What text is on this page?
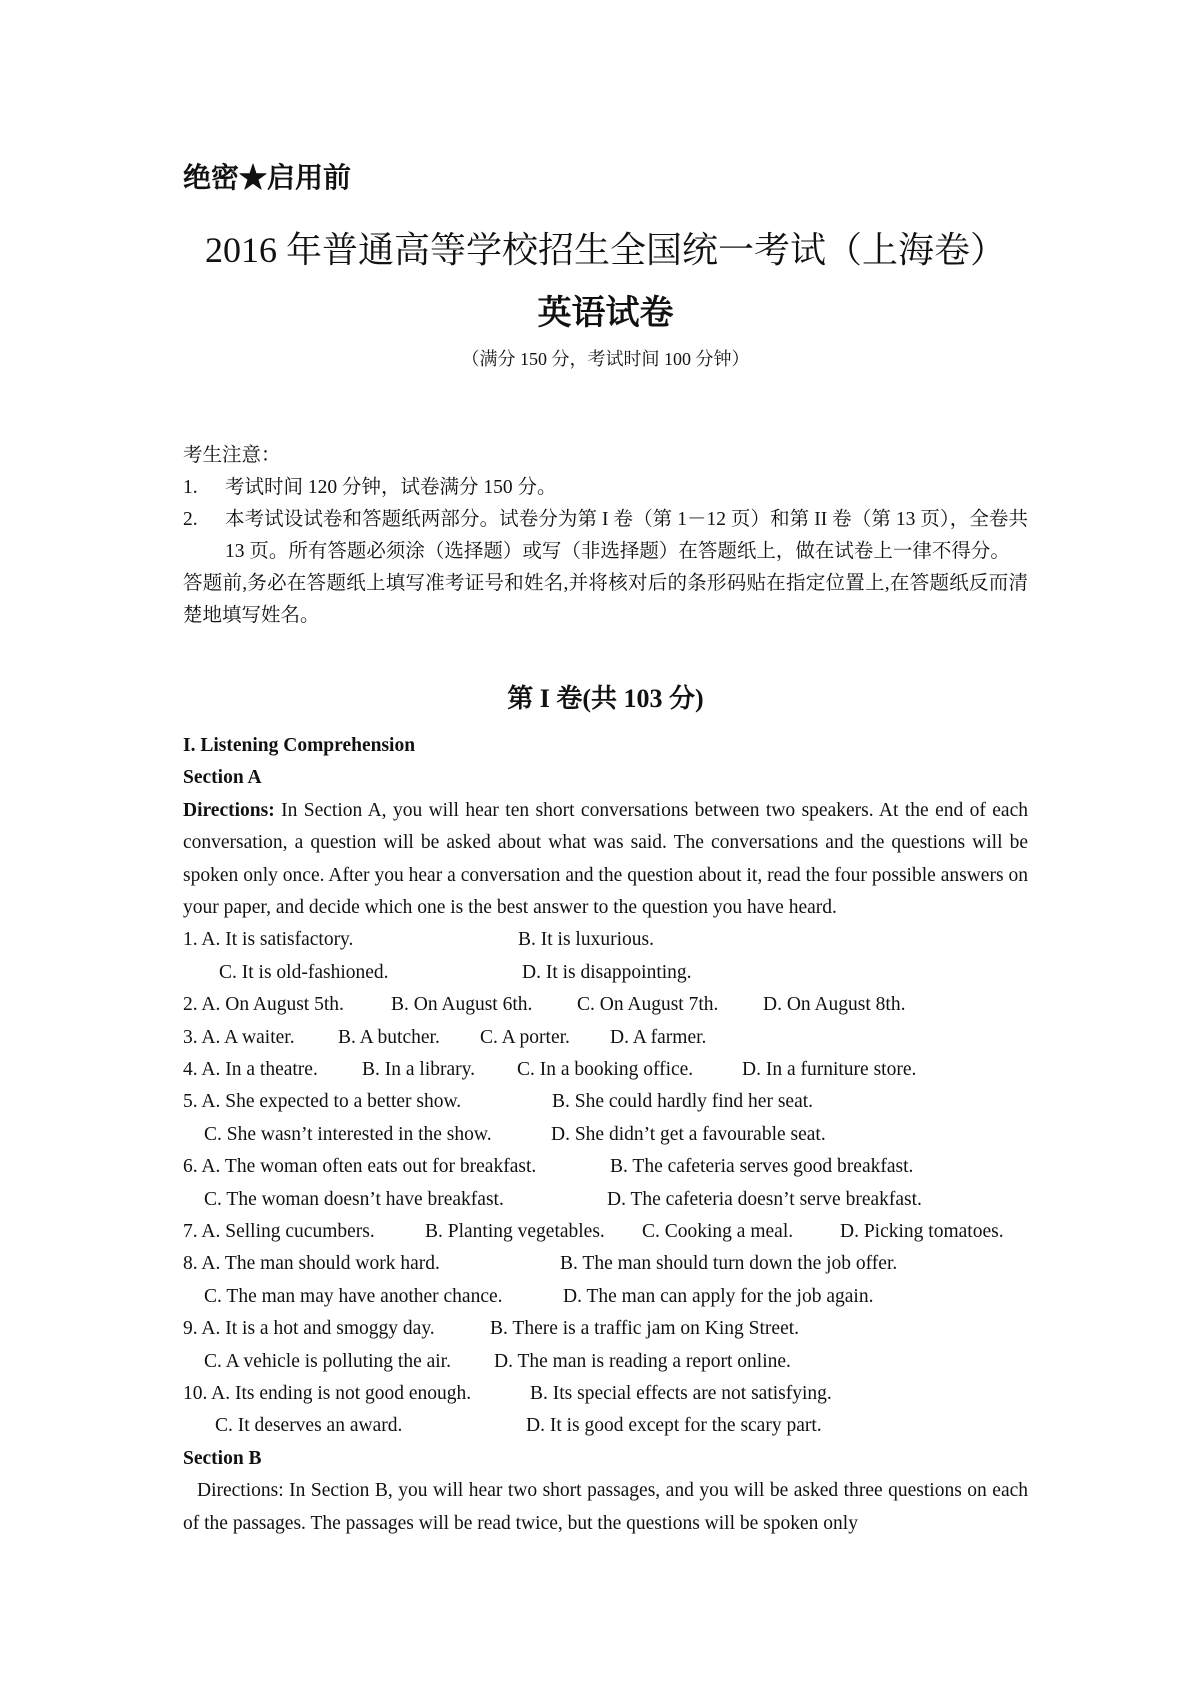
绝密★启用前
2016 年普通高等学校招生全国统一考试（上海卷）
英语试卷
（满分 150 分，考试时间 100 分钟）
考生注意：
1.	考试时间 120 分钟，试卷满分 150 分。
2.	本考试设试卷和答题纸两部分。试卷分为第 I 卷（第 1－12 页）和第 II 卷（第 13 页），全卷共 13 页。所有答题必须涂（选择题）或写（非选择题）在答题纸上，做在试卷上一律不得分。
答题前,务必在答题纸上填写准考证号和姓名,并将核对后的条形码贴在指定位置上,在答题纸反而清楚地填写姓名。
第 I 卷(共 103 分)
I. Listening Comprehension
Section A
Directions: In Section A, you will hear ten short conversations between two speakers. At the end of each conversation, a question will be asked about what was said. The conversations and the questions will be spoken only once. After you hear a conversation and the question about it, read the four possible answers on your paper, and decide which one is the best answer to the question you have heard.
1. A. It is satisfactory.	B. It is luxurious.
C. It is old-fashioned.	D. It is disappointing.
2. A. On August 5th. B. On August 6th. C. On August 7th. D. On August 8th.
3. A. A waiter. B. A butcher. C. A porter. D. A farmer.
4. A. In a theatre. B. In a library. C. In a booking office.	D. In a furniture store.
5. A. She expected to a better show.	B. She could hardly find her seat.
C. She wasn’t interested in the show.	D. She didn’t get a favourable seat.
6. A. The woman often eats out for breakfast.	B. The cafeteria serves good breakfast.
C. The woman doesn’t have breakfast.	D. The cafeteria doesn’t serve breakfast.
7. A. Selling cucumbers.	B. Planting vegetables. C. Cooking a meal. D. Picking tomatoes.
8. A. The man should work hard.	B. The man should turn down the job offer.
C. The man may have another chance.	D. The man can apply for the job again.
9. A. It is a hot and smoggy day.	B. There is a traffic jam on King Street.
C. A vehicle is polluting the air. D. The man is reading a report online.
10. A. Its ending is not good enough.	B. Its special effects are not satisfying.
C. It deserves an award.	D. It is good except for the scary part.
Section B
Directions: In Section B, you will hear two short passages, and you will be asked three questions on each of the passages. The passages will be read twice, but the questions will be spoken only
